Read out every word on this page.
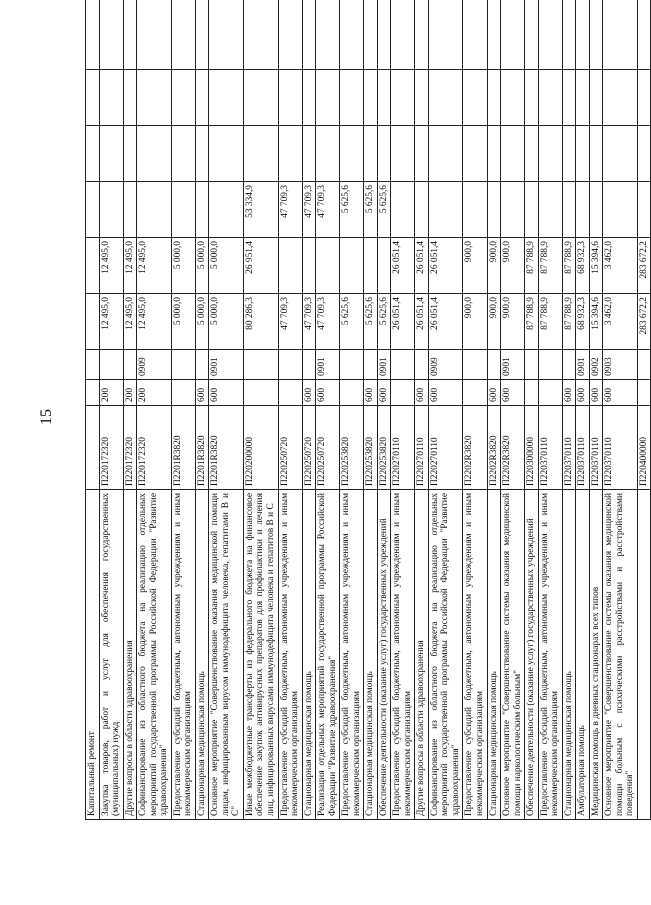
15
Капитальный ремонт									
Закупка товаров, работ и услуг для обеспечения государственных (муниципальных) нужд	П220172320	200		12 495,0	12 495,0				
Другие вопросы в области здравоохранения	П220172320	200		12 495,0	12 495,0				
Софинансирование из областного бюджета на реализацию отдельных мероприятий государственной программы Российской Федерации "Развитие здравоохранения"	П220172320	200	0909	12 495,0	12 495,0				
Предоставление субсидий бюджетным, автономным учреждениям и иным некоммерческим организациям	П2201R3820			5 000,0	5 000,0				
Стационарная медицинская помощь	П2201R3820	600		5 000,0	5 000,0				
Основное мероприятие "Совершенствование оказания медицинской помощи лицам, инфицированным вирусом иммунодефицита человека, гепатитами В и С"	П2201R3820	600	0901	5 000,0	5 000,0				
Иные межбюджетные трансферты из федерального бюджета на финансовое обеспечение закупок антивирусных препаратов для профилактики и лечения лиц, инфицированных вирусами иммунодефицита человека и гепатитов В и С	П220200000			80 286,3	26 951,4	53 334,9			
Предоставление субсидий бюджетным, автономным учреждениям и иным некоммерческим организациям	П220250720			47 709,3		47 709,3			
Стационарная медицинская помощь	П220250720	600		47 709,3		47 709,3			
Реализация отдельных мероприятий государственной программы Российской Федерации "Развитие здравоохранения"	П220250720	600	0901	47 709,3		47 709,3			
Предоставление субсидий бюджетным, автономным учреждениям и иным некоммерческим организациям	П220253820			5 625,6		5 625,6			
Стационарная медицинская помощь	П220253820	600		5 625,6		5 625,6			
Обеспечение деятельности (оказание услуг) государственных учреждений	П220253820	600	0901	5 625,6		5 625,6			
Предоставление субсидий бюджетным, автономным учреждениям и иным некоммерческим организациям	П220270110			26 051,4	26 051,4				
Другие вопросы в области здравоохранения	П220270110	600		26 051,4	26 051,4				
Софинансирование из областного бюджета на реализацию отдельных мероприятий государственной программы Российской Федерации "Развитие здравоохранения"	П220270110	600	0909	26 051,4	26 051,4				
Предоставление субсидий бюджетным, автономным учреждениям и иным некоммерческим организациям	П2202R3820			900,0	900,0				
Стационарная медицинская помощь	П2202R3820	600		900,0	900,0				
Основное мероприятие "Совершенствование системы оказания медицинской помощи наркологическим больным"	П2202R3820	600	0901	900,0	900,0				
Обеспечение деятельности (оказание услуг) государственных учреждений	П220300000			87 788,9	87 788,9				
Предоставление субсидий бюджетным, автономным учреждениям и иным некоммерческим организациям	П220370110			87 788,9	87 788,9				
Стационарная медицинская помощь	П220370110	600		87 788,9	87 788,9				
Амбулаторная помощь	П220370110	600	0901	68 932,3	68 932,3				
Медицинская помощь в дневных стационарах всех типов	П220370110	600	0902	15 394,6	15 394,6				
Основное мероприятие "Совершенствование системы оказания медицинской помощи больным с психическими расстройствами и расстройствами поведения"	П220370110	600	0903	3 462,0	3 462,0				
	П220400000			283 672,2	283 672,2				
